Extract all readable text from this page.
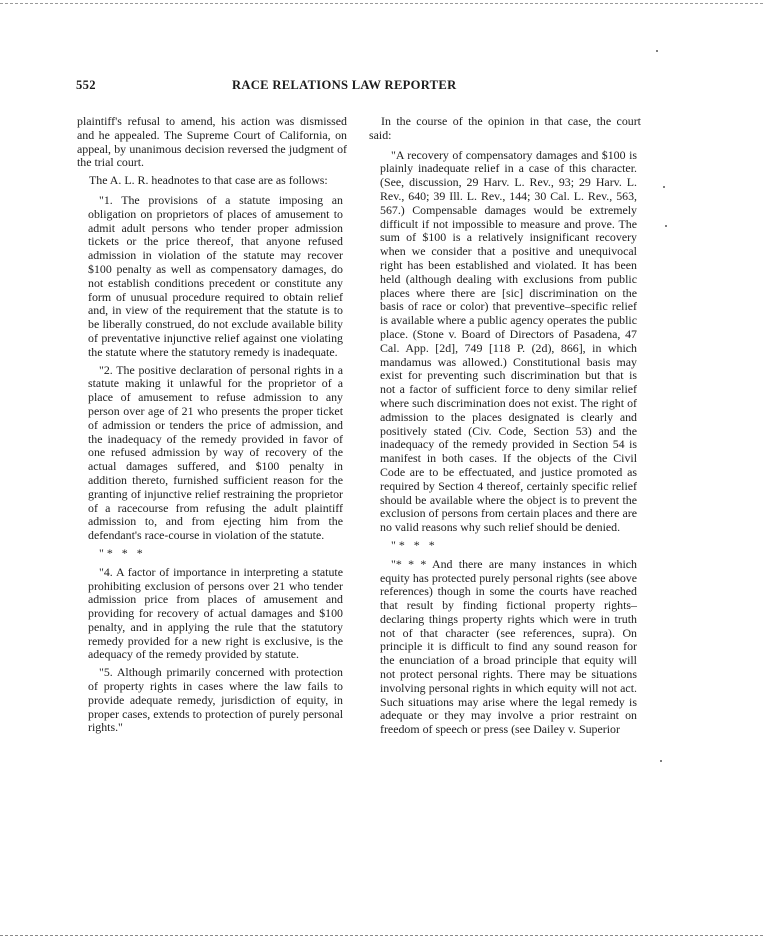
552	RACE RELATIONS LAW REPORTER

plaintiff's refusal to amend, his action was dismissed and he appealed. The Supreme Court of California, on appeal, by unanimous decision reversed the judgment of the trial court.

The A. L. R. headnotes to that case are as follows:

"1. The provisions of a statute imposing an obligation on proprietors of places of amusement to admit adult persons who tender proper admission tickets or the price thereof, that anyone refused admission in violation of the statute may recover $100 penalty as well as compensatory damages, do not establish conditions precedent or constitute any form of unusual procedure required to obtain relief and, in view of the requirement that the statute is to be liberally construed, do not exclude available bility of preventative injunctive relief against one violating the statute where the statutory remedy is inadequate.

"2. The positive declaration of personal rights in a statute making it unlawful for the proprietor of a place of amusement to refuse admission to any person over age of 21 who presents the proper ticket of admission or tenders the price of admission, and the inadequacy of the remedy provided in favor of one refused admission by way of recovery of the actual damages suffered, and $100 penalty in addition thereto, furnished sufficient reason for the granting of injunctive relief restraining the proprietor of a racecourse from refusing the adult plaintiff admission to, and from ejecting him from the defendant's race-course in violation of the statute.

"* * *

"4. A factor of importance in interpreting a statute prohibiting exclusion of persons over 21 who tender admission price from places of amusement and providing for recovery of actual damages and $100 penalty, and in applying the rule that the statutory remedy provided for a new right is exclusive, is the adequacy of the remedy provided by statute.

"5. Although primarily concerned with protection of property rights in cases where the law fails to provide adequate remedy, jurisdiction of equity, in proper cases, extends to protection of purely personal rights."

In the course of the opinion in that case, the court said:

"A recovery of compensatory damages and $100 is plainly inadequate relief in a case of this character. (See, discussion, 29 Harv. L. Rev., 93; 29 Harv. L. Rev., 640; 39 Ill. L. Rev., 144; 30 Cal. L. Rev., 563, 567.) Compensable damages would be extremely difficult if not impossible to measure and prove. The sum of $100 is a relatively insignificant recovery when we consider that a positive and unequivocal right has been established and violated. It has been held (although dealing with exclusions from public places where there are [sic] discrimination on the basis of race or color) that preventive–specific relief is available where a public agency operates the public place. (Stone v. Board of Directors of Pasadena, 47 Cal. App. [2d], 749 [118 P. (2d), 866], in which mandamus was allowed.) Constitutional basis may exist for preventing such discrimination but that is not a factor of sufficient force to deny similar relief where such discrimination does not exist. The right of admission to the places designated is clearly and positively stated (Civ. Code, Section 53) and the inadequacy of the remedy provided in Section 54 is manifest in both cases. If the objects of the Civil Code are to be effectuated, and justice promoted as required by Section 4 thereof, certainly specific relief should be available where the object is to prevent the exclusion of persons from certain places and there are no valid reasons why such relief should be denied.

"* * *

"* * * And there are many instances in which equity has protected purely personal rights (see above references) though in some the courts have reached that result by finding fictional property rights–declaring things property rights which were in truth not of that character (see references, supra). On principle it is difficult to find any sound reason for the enunciation of a broad principle that equity will not protect personal rights. There may be situations involving personal rights in which equity will not act. Such situations may arise where the legal remedy is adequate or they may involve a prior restraint on freedom of speech or press (see Dailey v. Superior
